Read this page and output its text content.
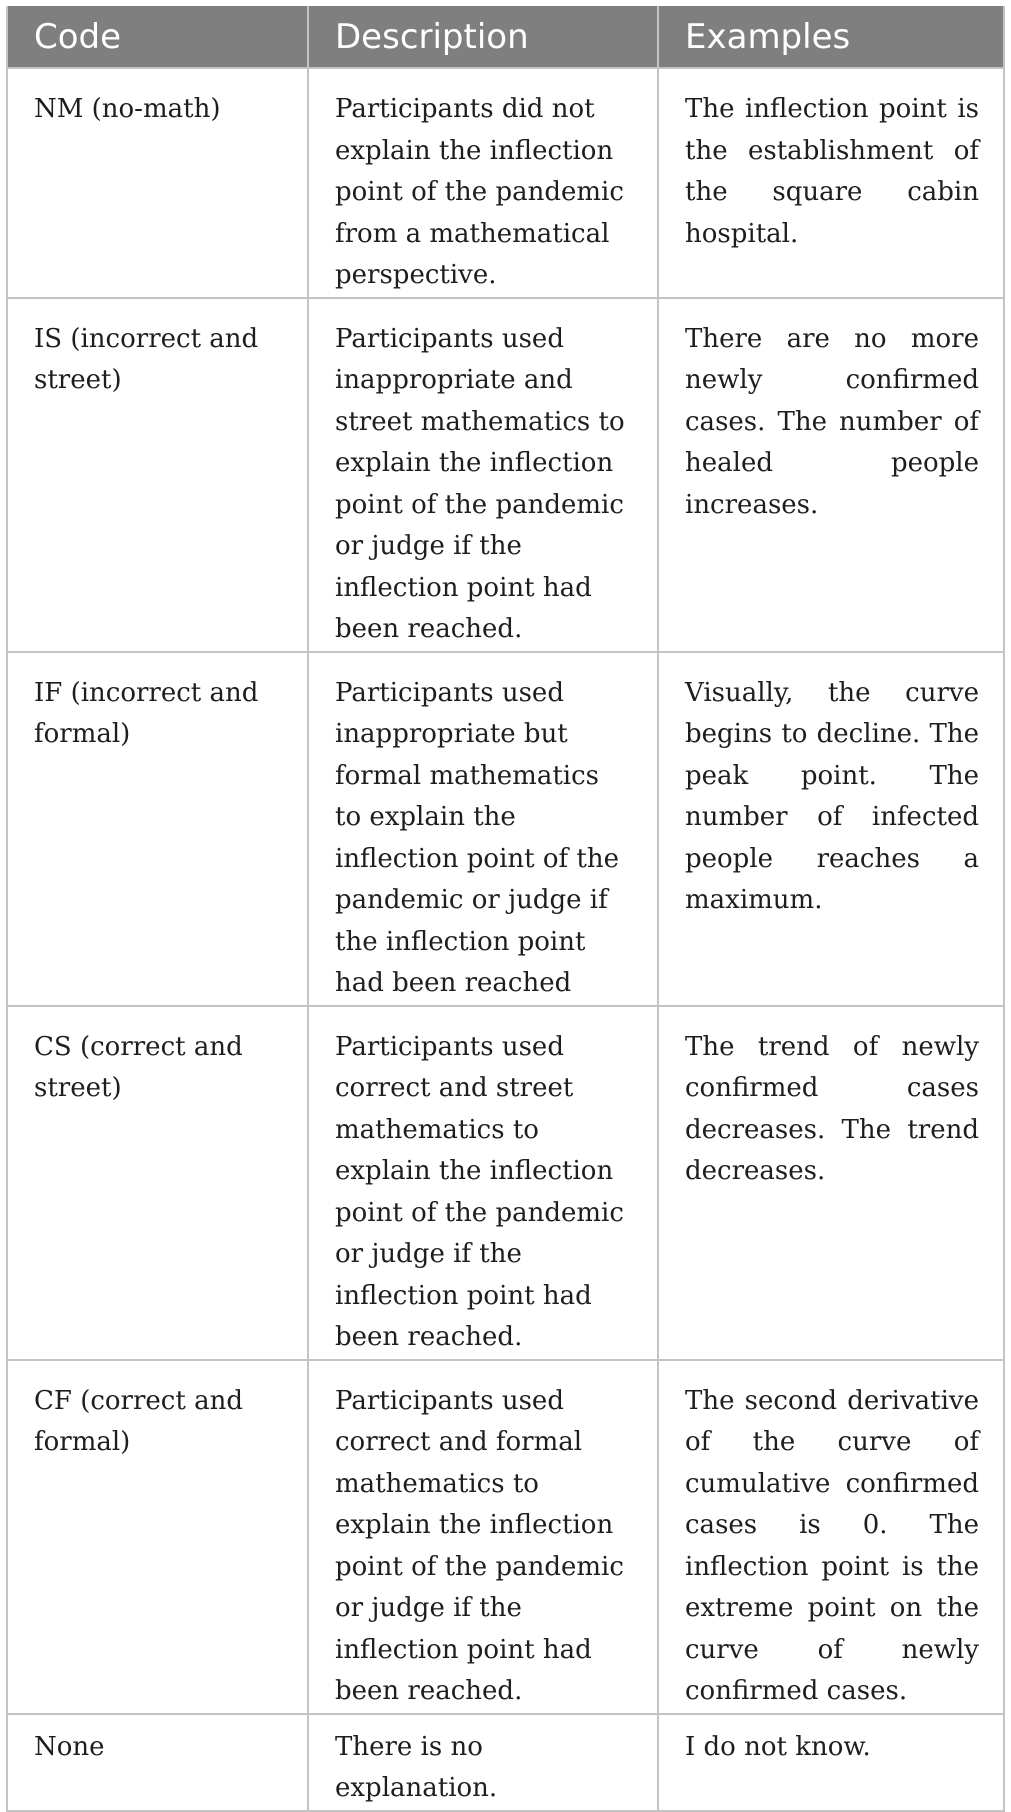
Code	Description	Examples
NM (no-math)	Participants did not explain the inflection point of the pandemic from a mathematical perspective.	The inflection point is the establishment of the square cabin hospital.
IS (incorrect and street)	Participants used inappropriate and street mathematics to explain the inflection point of the pandemic or judge if the inflection point had been reached.	There are no more newly confirmed cases. The number of healed people increases.
IF (incorrect and formal)	Participants used inappropriate but formal mathematics to explain the inflection point of the pandemic or judge if the inflection point had been reached	Visually, the curve begins to decline. The peak point. The number of infected people reaches a maximum.
CS (correct and street)	Participants used correct and street mathematics to explain the inflection point of the pandemic or judge if the inflection point had been reached.	The trend of newly confirmed cases decreases. The trend decreases.
CF (correct and formal)	Participants used correct and formal mathematics to explain the inflection point of the pandemic or judge if the inflection point had been reached.	The second derivative of the curve of cumulative confirmed cases is 0. The inflection point is the extreme point on the curve of newly confirmed cases.
None	There is no explanation.	I do not know.
